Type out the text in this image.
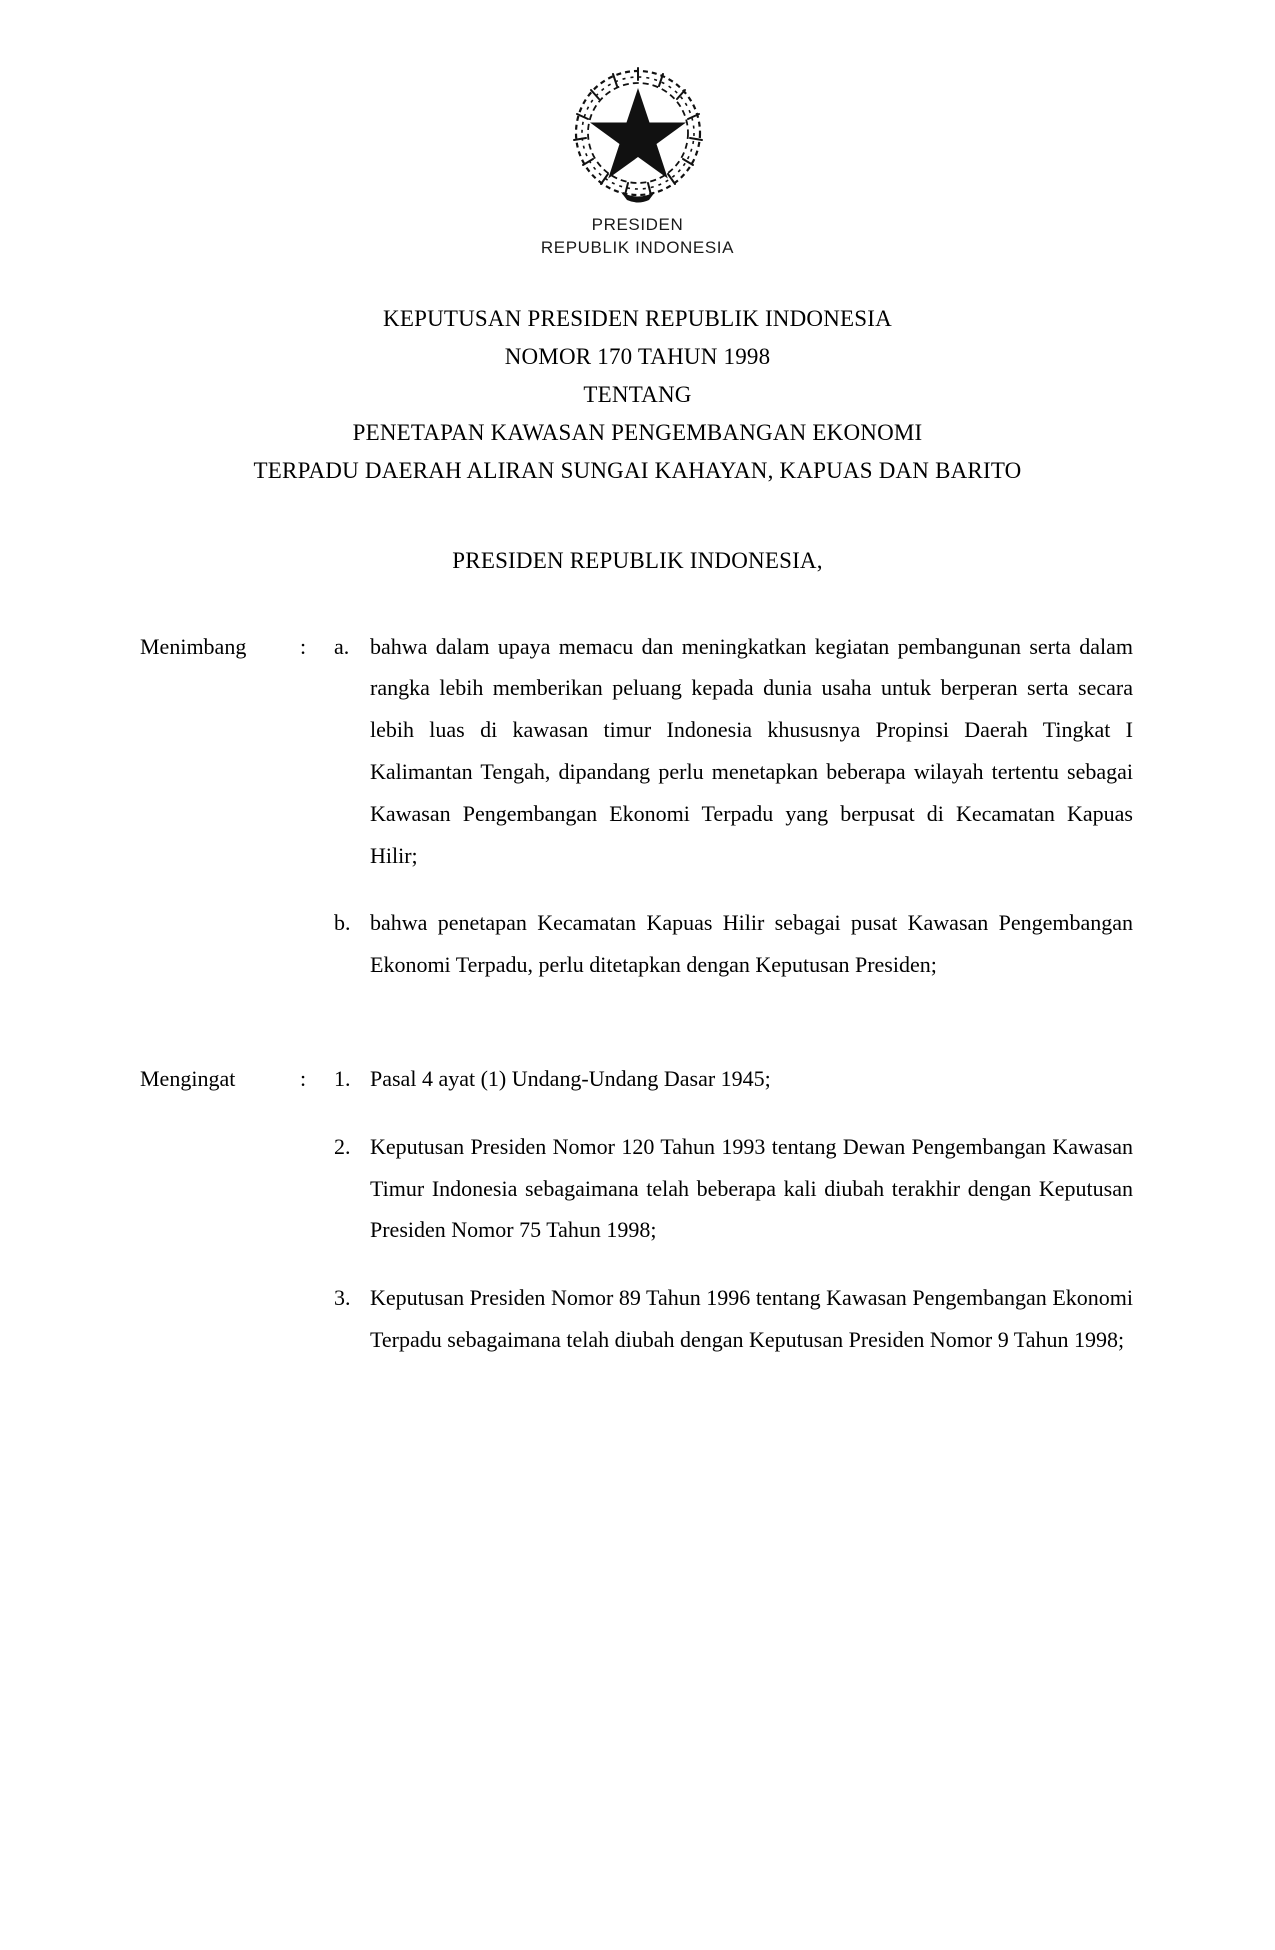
PRESIDEN
REPUBLIK INDONESIA
KEPUTUSAN PRESIDEN REPUBLIK INDONESIA
NOMOR 170 TAHUN 1998
TENTANG
PENETAPAN KAWASAN PENGEMBANGAN EKONOMI
TERPADU DAERAH ALIRAN SUNGAI KAHAYAN, KAPUAS DAN BARITO
PRESIDEN REPUBLIK INDONESIA,
Menimbang	:	a. bahwa dalam upaya memacu dan meningkatkan kegiatan pembangunan serta dalam rangka lebih memberikan peluang kepada dunia usaha untuk berperan serta secara lebih luas di kawasan timur Indonesia khususnya Propinsi Daerah Tingkat I Kalimantan Tengah, dipandang perlu menetapkan beberapa wilayah tertentu sebagai Kawasan Pengembangan Ekonomi Terpadu yang berpusat di Kecamatan Kapuas Hilir;
b. bahwa penetapan Kecamatan Kapuas Hilir sebagai pusat Kawasan Pengembangan Ekonomi Terpadu, perlu ditetapkan dengan Keputusan Presiden;
Mengingat	:	1. Pasal 4 ayat (1) Undang-Undang Dasar 1945;
2. Keputusan Presiden Nomor 120 Tahun 1993 tentang Dewan Pengembangan Kawasan Timur Indonesia sebagaimana telah beberapa kali diubah terakhir dengan Keputusan Presiden Nomor 75 Tahun 1998;
3. Keputusan Presiden Nomor 89 Tahun 1996 tentang Kawasan Pengembangan Ekonomi Terpadu sebagaimana telah diubah dengan Keputusan Presiden Nomor 9 Tahun 1998;
